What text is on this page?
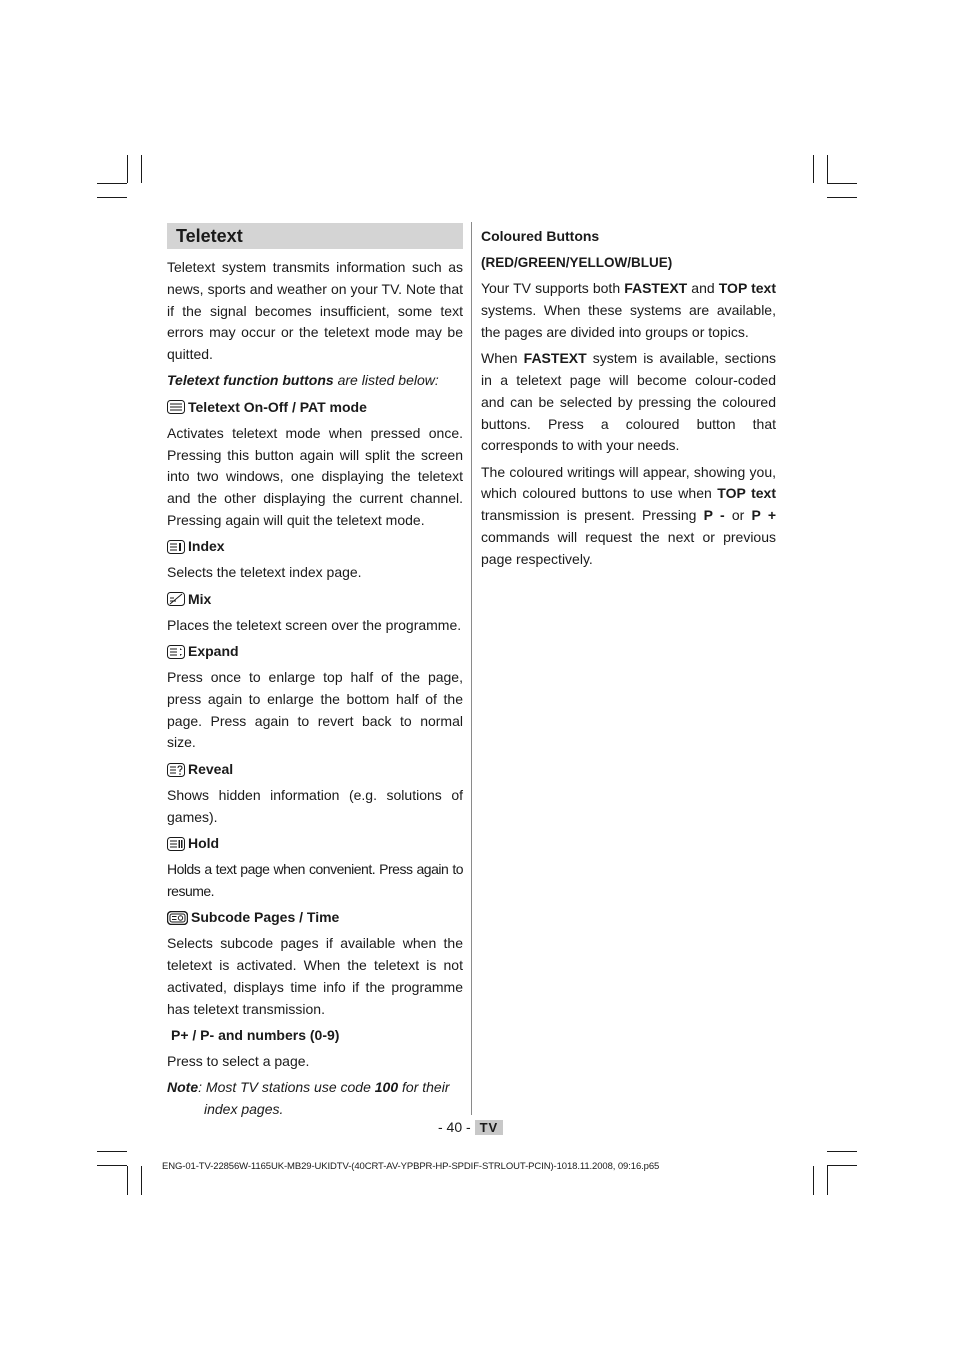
Teletext

Teletext system transmits information such as news, sports and weather on your TV. Note that if the signal becomes insufficient, some text errors may occur or the teletext mode may be quitted.

Teletext function buttons are listed below:
Teletext On-Off / PAT mode

Activates teletext mode when pressed once. Pressing this button again will split the screen into two windows, one displaying the teletext and the other displaying the current channel. Pressing again will quit the teletext mode.

Index

Selects the teletext index page.

Mix

Places the teletext screen over the programme.

Expand

Press once to enlarge top half of the page, press again to enlarge the bottom half of the page. Press again to revert back to normal size.

Reveal

Shows hidden information (e.g. solutions of games).

Hold

Holds a text page when convenient. Press again to resume.

Subcode Pages / Time

Selects subcode pages if available when the teletext is activated. When the teletext is not activated, displays time info if the programme has teletext transmission.

P+ / P- and numbers (0-9)

Press to select a page.

Note: Most TV stations use code 100 for their
index pages.
Coloured Buttons
(RED/GREEN/YELLOW/BLUE)

Your TV supports both FASTEXT and TOP text systems. When these systems are available, the pages are divided into groups or topics.

When FASTEXT system is available, sections in a teletext page will become colour-coded and can be selected by pressing the coloured buttons. Press a coloured button that corresponds to with your needs.

The coloured writings will appear, showing you, which coloured buttons to use when TOP text transmission is present. Pressing P - or P + commands will request the next or previous page respectively.

- 40 - TV
ENG-01-TV-22856W-1165UK-MB29-UKIDTV-(40CRT-AV-YPBPR-HP-SPDIF-STRLOUT-PCIN)-1018.11.2008, 09:16.p65
